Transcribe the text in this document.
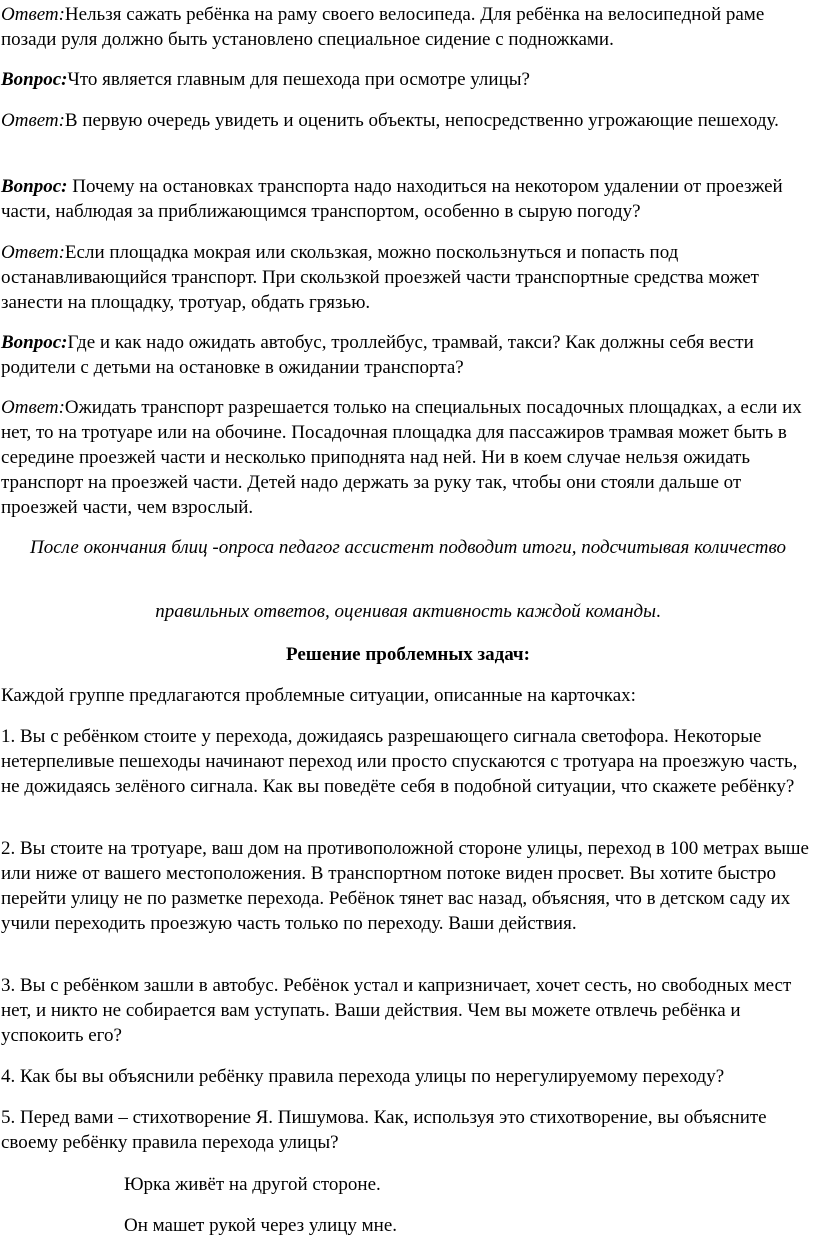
Ответ:Нельзя сажать ребёнка на раму своего велосипеда. Для ребёнка на велосипедной раме позади руля должно быть установлено специальное сидение с подножками.

Вопрос:Что является главным для пешехода при осмотре улицы?

Ответ:В первую очередь увидеть и оценить объекты, непосредственно угрожающие пешеходу.

Вопрос: Почему на остановках транспорта надо находиться на некотором удалении от проезжей части, наблюдая за приближающимся транспортом, особенно в сырую погоду?

Ответ:Если площадка мокрая или скользкая, можно поскользнуться и попасть под останавливающийся транспорт. При скользкой проезжей части транспортные средства может занести на площадку, тротуар, обдать грязью.

Вопрос:Где и как надо ожидать автобус, троллейбус, трамвай, такси? Как должны себя вести родители с детьми на остановке в ожидании транспорта?

Ответ:Ожидать транспорт разрешается только на специальных посадочных площадках, а если их нет, то на тротуаре или на обочине. Посадочная площадка для пассажиров трамвая может быть в середине проезжей части и несколько приподнята над ней. Ни в коем случае нельзя ожидать транспорт на проезжей части. Детей надо держать за руку так, чтобы они стояли дальше от проезжей части, чем взрослый.

После окончания блиц -опроса педагог ассистент подводит итоги, подсчитывая количество

правильных ответов, оценивая активность каждой команды.

Решение проблемных задач:

Каждой группе предлагаются проблемные ситуации, описанные на карточках:

1. Вы с ребёнком стоите у перехода, дожидаясь разрешающего сигнала светофора. Некоторые нетерпеливые пешеходы начинают переход или просто спускаются с тротуара на проезжую часть, не дожидаясь зелёного сигнала. Как вы поведёте себя в подобной ситуации, что скажете ребёнку?

2. Вы стоите на тротуаре, ваш дом на противоположной стороне улицы, переход в 100 метрах выше или ниже от вашего местоположения. В транспортном потоке виден просвет. Вы хотите быстро перейти улицу не по разметке перехода. Ребёнок тянет вас назад, объясняя, что в детском саду их учили переходить проезжую часть только по переходу. Ваши действия.

3. Вы с ребёнком зашли в автобус. Ребёнок устал и капризничает, хочет сесть, но свободных мест нет, и никто не собирается вам уступать. Ваши действия. Чем вы можете отвлечь ребёнка и успокоить его?

4. Как бы вы объяснили ребёнку правила перехода улицы по нерегулируемому переходу?

5. Перед вами – стихотворение Я. Пишумова. Как, используя это стихотворение, вы объясните своему ребёнку правила перехода улицы?

Юрка живёт на другой стороне.

Он машет рукой через улицу мне.
